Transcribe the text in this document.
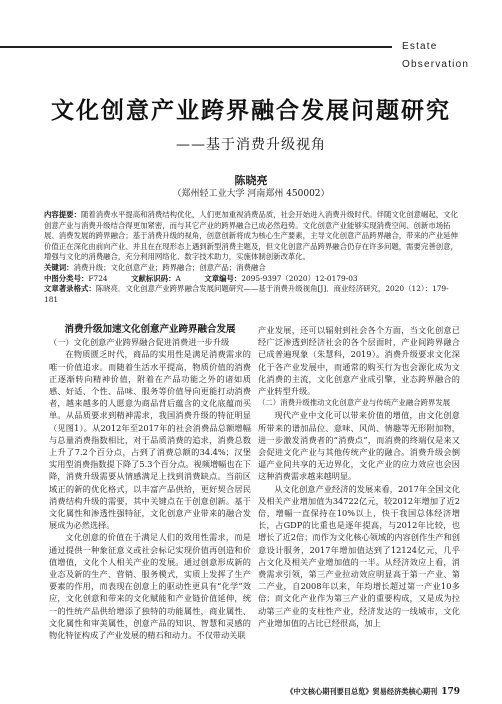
Estate Observation
文化创意产业跨界融合发展问题研究
——基于消费升级视角
陈晓亮
（郑州轻工业大学 河南郑州 450002）

内容提要：随着消费水平提高和消费结构优化，人们更加重视消费品质，社会开始进入消费升级时代。伴随文化创意崛起，文化创意产业与消费升级结合得更加紧密，而与其它产业的跨界融合已成必然趋势。文化创意产业能够实现消费空间、创新市场拓展、消费发展的跨界融合；基于消费升级的视角，创意创新将成为核心生产要素，主导文化创意产品跨界融合，带来的产业延伸价值正在深化由前向产业、并且在在现形态上遇到新型消费主题及，但文化创意产品跨界融合仍存在许多问题，需要完善创意，增强与文化的消费融合，充分利用网络化、数字技术助力，实施体制创新改革化。

关键词：消费升级；文化创意产业；跨界融合；创意产品；消费融合

中图分类号：F724	文献标识码：A	文章编号：2095-9397（2020）12-0179-03

文章著录格式：陈晓亮．文化创意产业跨界融合发展问题研究——基于消费升级视角[J]．商业经济研究，2020（12）：179-181

消费升级加速文化创意产业跨界融合发展

（一）文化创意产业跨界融合促进消费进一步升级

在物质匮乏时代，商品的实用性是满足消费需求的唯一价值追求。而随着生活水平提高，物质价值的消费正逐渐转向精神价值，附着在产品功能之外的诸如质感、好适、个性、品味、服务等价值导向更能打动消费者，越来越多的人愿意为商品背后蕴含的文化底蕴而买单。从品质要求到精神需求，我国消费升级的特征明显（见图1）。从2012年至2017年的社会消费品总额增幅与总量消费指数相比，对于品质消费的追求，消费总数上升了7.2个百分点，占到了消费总额的34.4%；汉堡实用型消费指数提下降了5.3个百分点。视频增幅也在下降，消费升级需要从情感满足上找到消费缺点。当前区域正的新的优化格式，以丰富产品供给，更好契合居民消费结构升级的需要，其中关键点在于创意创新。基于文化属性和渗透性强特征，文化创意产业带来的融合发展成为必然选择。

文化创意的价值在于满足人们的效用性需求，而是通过提供一种象征意义或社会标记实现价值再创造和价值增值，文化个人相关产业的发展。通过创意形成新的业态及新的生产、营销、服务模式，实质上发挥了生产要素的作用，而表现在创意上的驱动性更具有“化学”效应，文化创意和带来的文化赋能和产业链价值延伸，统一的性统产品供给增添了独特的功能属性，商业属性、文化属性和审美属性，创意产品的知识、智慧和灵感的物化特征构成了产业发展的精石和动力。不仅带动关联

产业发展，还可以辐射到社会各个方面，当文化创意已经广泛渗透到经济社会的各个层面时，产业间跨界融合已成普遍现象（朱慧科，2019）。消费升级要求文化深化于各产业发展中，而通常的购买行为也会源化成为文化消费的主流，文化创意产业成引擎，业态跨界融合的产业转型升级。

（二）消费升级推动文化创意产业与传统产业融合跨界发展

现代产业中文化可以带来价值的增值，由文化创意所带来的谱加品位、意味、风尚、情趣等无形附加物，进一步激发消费者的“消费点”，而消费的终端仅是来又会促进文化产业与其他传统产业的融合。消费升级会倒逼产业间共享的无边界化，文化产业的应力效应也会因这种消费需求越来越明显。

从文化创意产业经济的发展来看，2017年全国文化及相关产业增加值为34722亿元，较2012年增加了近2倍，增幅一直保持在10%以上，快于我国总体经济增长，占GDP的比重也是逐年提高，与2012年比较，也增长了近2倍；而作为文化核心领域的内容创作生产和创意设计服务，2017年增加值达到了12124亿元，几乎占文化及相关产业增加值的一半。从经济效应上看，消费需求引领，第三产业拉动效应明显高于第一产业、第二产业，自2008年以来，年均增长超过第一产业10多倍；而文化产业作为第三产业的重要构成，又是成为拉动第三产业的支柱性产业，经济发达的一线城市，文化产业增加值的占比已经很高，加上

《中文核心期刊要目总览》贸易经济类核心期刊 179
